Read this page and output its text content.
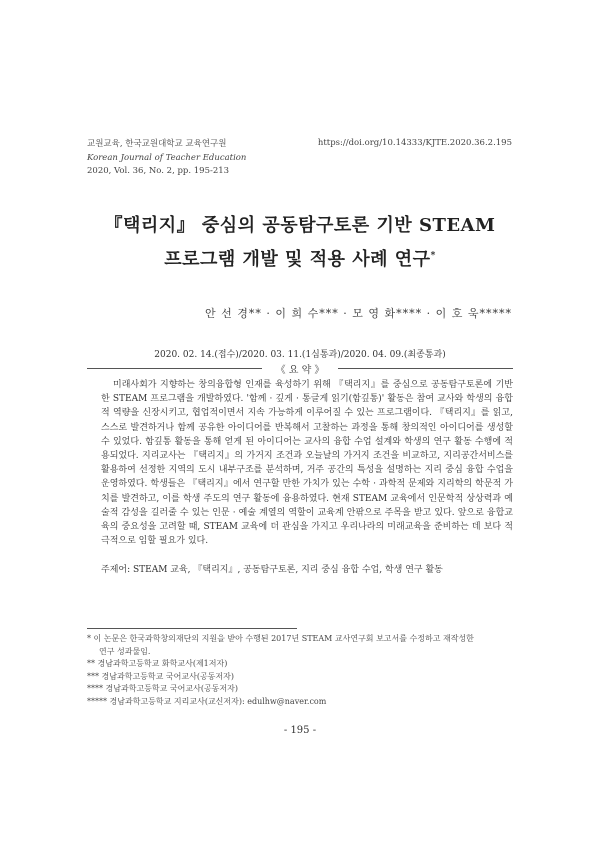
교원교육, 한국교원대학교 교육연구원
Korean Journal of Teacher Education
2020, Vol. 36, No. 2, pp. 195-213
https://doi.org/10.14333/KJTE.2020.36.2.195
『택리지』 중심의 공동탐구토론 기반 STEAM
프로그램 개발 및 적용 사례 연구*
안 선 경** · 이 희 수*** · 모 영 화**** · 이 호 욱*****
2020. 02. 14.(접수)/2020. 03. 11.(1심통과)/2020. 04. 09.(최종통과)
《 요 약 》

미래사회가 지향하는 창의융합형 인재를 육성하기 위해 『택리지』를 중심으로 공동탐구토론에 기반한 STEAM 프로그램을 개발하였다. '함께 · 깊게 · 통글게 읽기(함깊통)' 활동은 참여 교사와 학생의 융합적 역량을 신장시키고, 협업적이면서 지속 가능하게 이루어질 수 있는 프로그램이다. 『택리지』를 읽고, 스스로 발견하거나 함께 공유한 아이디어를 반복해서 고찰하는 과정을 통해 창의적인 아이디어를 생성할 수 있었다. 함깊통 활동을 통해 얻게 된 아이디어는 교사의 융합 수업 설계와 학생의 연구 활동 수행에 적용되었다. 지리교사는 『택리지』의 가거지 조건과 오늘날의 가거지 조건을 비교하고, 지리공간서비스를 활용하여 선정한 지역의 도시 내부구조를 분석하며, 거주 공간의 특성을 설명하는 지리 중심 융합 수업을 운영하였다. 학생들은 『택리지』에서 연구할 만한 가치가 있는 수학 · 과학적 문제와 지리학의 학문적 가치를 발견하고, 이를 학생 주도의 연구 활동에 융용하였다. 현재 STEAM 교육에서 인문학적 상상력과 예술적 감성을 길러줄 수 있는 인문 · 예술 계열의 역할이 교육계 안팎으로 주목을 받고 있다. 앞으로 융합교육의 중요성을 고려할 때, STEAM 교육에 더 관심을 가지고 우리나라의 미래교육을 준비하는 데 보다 적극적으로 임할 필요가 있다.

주제어: STEAM 교육, 『택리지』, 공동탐구토론, 지리 중심 융합 수업, 학생 연구 활동
* 이 논문은 한국과학창의재단의 지원을 받아 수행된 2017년 STEAM 교사연구회 보고서를 수정하고 재작성한
연구 성과물임.
** 경남과학고등학교 화학교사(제1저자)
*** 경남과학고등학교 국어교사(공동저자)
**** 경남과학고등학교 국어교사(공동저자)
***** 경남과학고등학교 지리교사(교신저자): edulhw@naver.com
- 195 -
